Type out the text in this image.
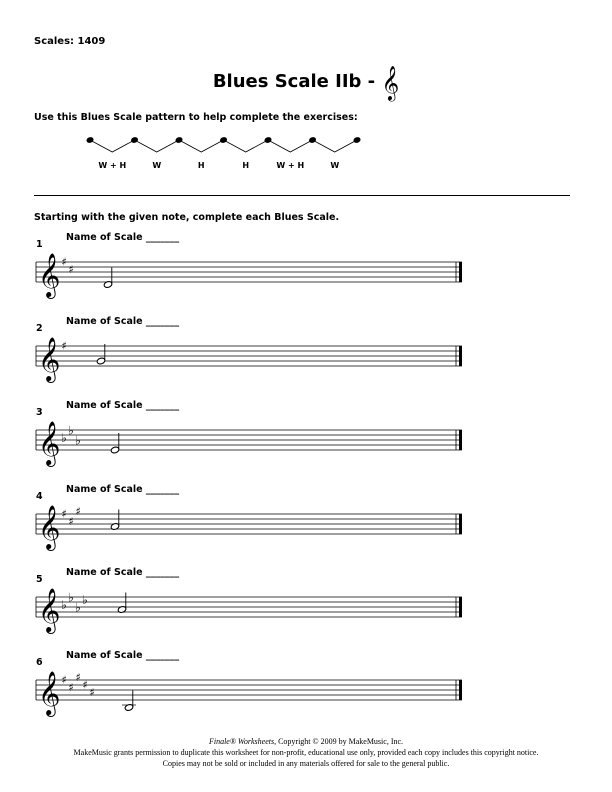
Scales: 1409
Blues Scale IIb - 𝄞
Use this Blues Scale pattern to help complete the exercises:
W + H	W	H	H	W + H	W
Starting with the given note, complete each Blues Scale.
1
Name of Scale _______
𝄞 ♯
♯
2
Name of Scale _______
𝄞 ♯
3
Name of Scale _______
𝄞 ♭
♭
♭
4
Name of Scale _______
𝄞 ♯
♯
♯
5
Name of Scale _______
𝄞 ♭
♭
♭
♭
6
Name of Scale _______
𝄞 ♯
♯
♯
♯
♯
Finale® Worksheets, Copyright © 2009 by MakeMusic, Inc.
MakeMusic grants permission to duplicate this worksheet for non-profit, educational use only, provided each copy includes this copyright notice.
Copies may not be sold or included in any materials offered for sale to the general public.
